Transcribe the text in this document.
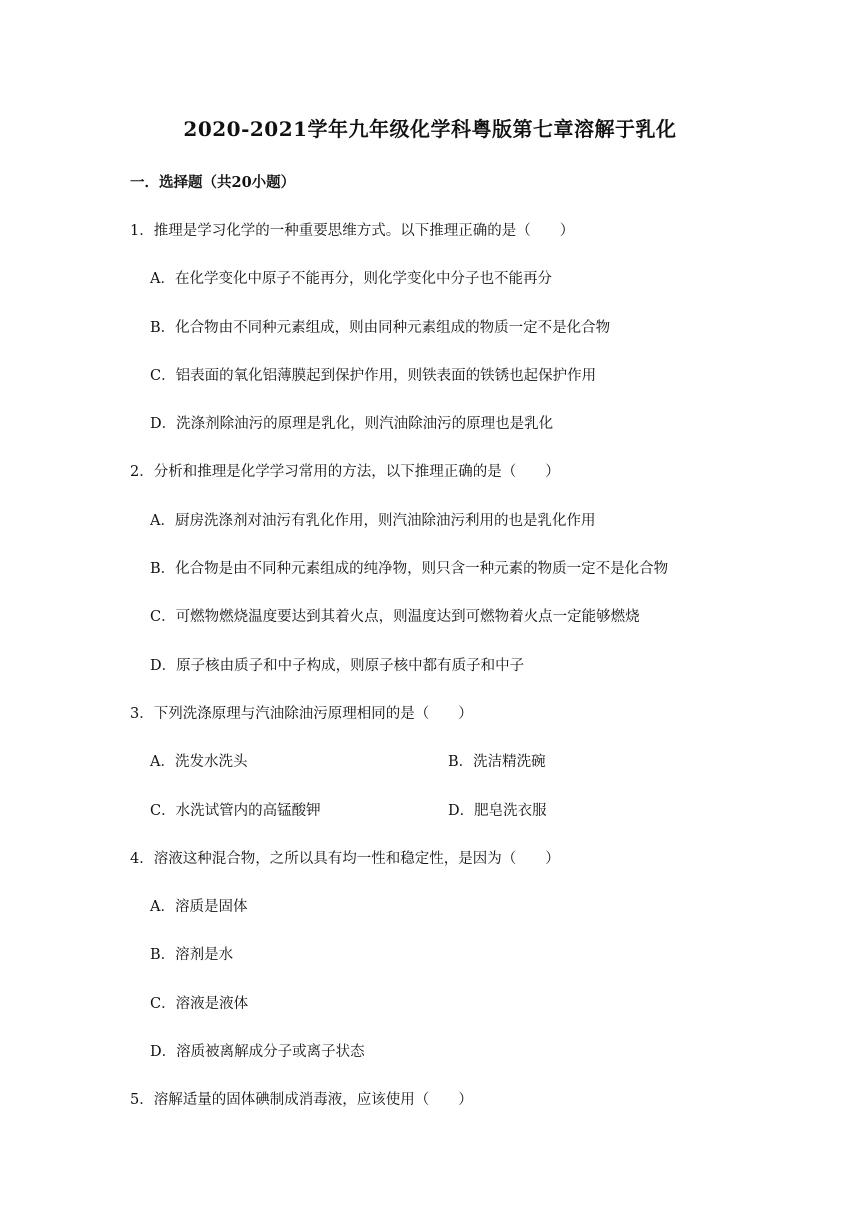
2020-2021学年九年级化学科粤版第七章溶解于乳化
一．选择题（共20小题）
1．推理是学习化学的一种重要思维方式。以下推理正确的是（　　）
A．在化学变化中原子不能再分，则化学变化中分子也不能再分
B．化合物由不同种元素组成，则由同种元素组成的物质一定不是化合物
C．铝表面的氧化铝薄膜起到保护作用，则铁表面的铁锈也起保护作用
D．洗涤剂除油污的原理是乳化，则汽油除油污的原理也是乳化
2．分析和推理是化学学习常用的方法，以下推理正确的是（　　）
A．厨房洗涤剂对油污有乳化作用，则汽油除油污利用的也是乳化作用
B．化合物是由不同种元素组成的纯净物，则只含一种元素的物质一定不是化合物
C．可燃物燃烧温度要达到其着火点，则温度达到可燃物着火点一定能够燃烧
D．原子核由质子和中子构成，则原子核中都有质子和中子
3．下列洗涤原理与汽油除油污原理相同的是（　　）
A．洗发水洗头	B．洗洁精洗碗
C．水洗试管内的高锰酸钾	D．肥皂洗衣服
4．溶液这种混合物，之所以具有均一性和稳定性，是因为（　　）
A．溶质是固体
B．溶剂是水
C．溶液是液体
D．溶质被离解成分子或离子状态
5．溶解适量的固体碘制成消毒液，应该使用（　　）
